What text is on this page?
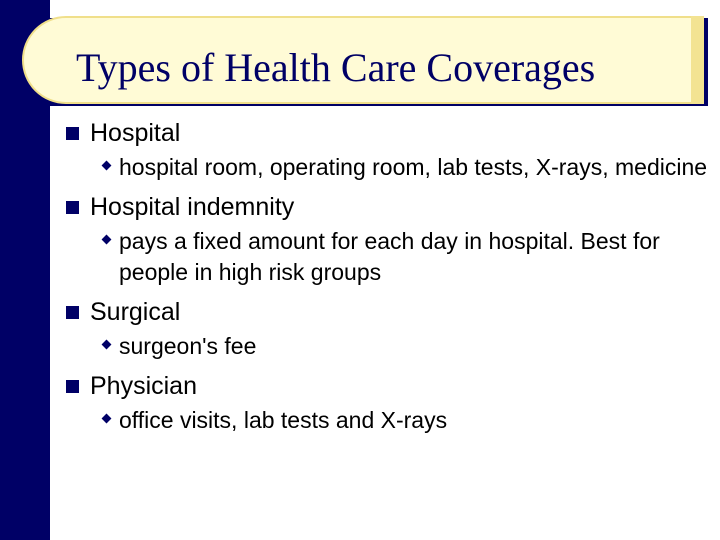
Types of Health Care Coverages
Hospital
hospital room, operating room, lab tests, X-rays, medicine
Hospital indemnity
pays a fixed amount for each day in hospital. Best for people in high risk groups
Surgical
surgeon's fee
Physician
office visits, lab tests and X-rays
